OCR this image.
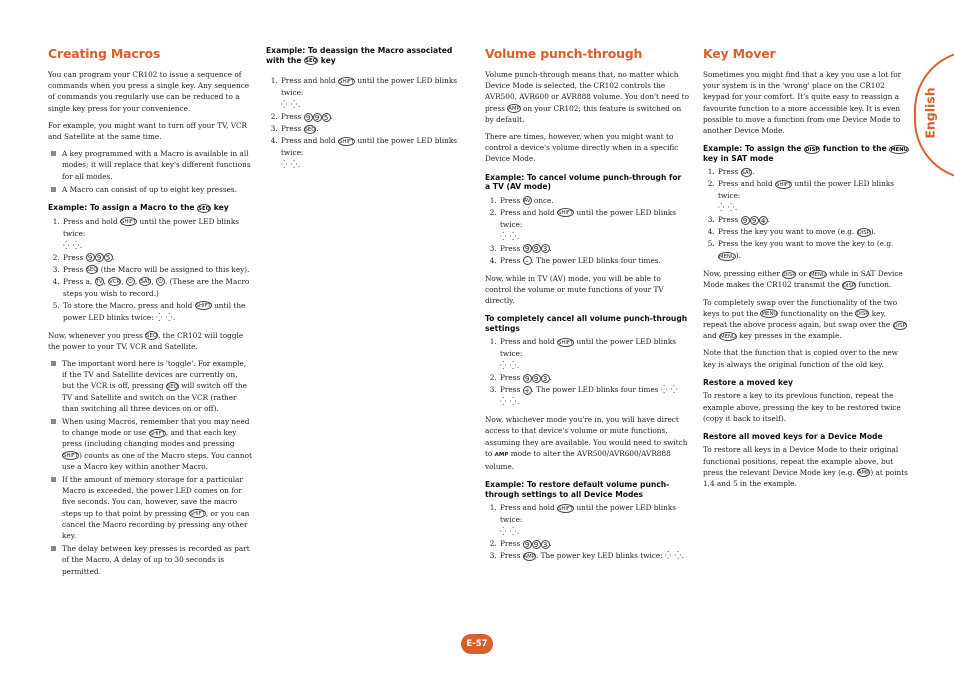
English
Creating Macros

You can program your CR102 to issue a sequence of commands when you press a single key. Any sequence of commands you regularly use can be reduced to a single key press for your convenience.

For example, you might want to turn off your TV, VCR and Satellite at the same time.

A key programmed with a Macro is available in all modes; it will replace that key's different functions for all modes.
A Macro can consist of up to eight key presses.
Example: To assign a Macro to the SEQ key
1. Press and hold SHIFT until the power LED blinks twice:
⁛ ⁛.
2. Press 9 9 5 .
3. Press SEQ (the Macro will be assigned to this key).
4. Press a, TV, VCR, ⏻ , SAT, ⏻ . (These are the Macro steps you wish to record.)
5. To store the Macro, press and hold SHIFT until the power LED blinks twice: ⁛ ⁛.

Now, whenever you press SEQ, the CR102 will toggle the power to your TV, VCR and Satellite.

The important word here is 'toggle'. For example, if the TV and Satellite devices are currently on, but the VCR is off, pressing SEQ will switch off the TV and Satellite and switch on the VCR (rather than switching all three devices on or off).
When using Macros, remember that you may need to change mode or use SHIFT, and that each key press (including changing modes and pressing SHIFT) counts as one of the Macro steps. You cannot use a Macro key within another Macro.
If the amount of memory storage for a particular Macro is exceeded, the power LED comes on for five seconds. You can, however, save the macro steps up to that point by pressing SHIFT, or you can cancel the Macro recording by pressing any other key.
The delay between key presses is recorded as part of the Macro. A delay of up to 30 seconds is permitted.
Example: To deassign the Macro associated with the SEQ key
1. Press and hold SHIFT until the power LED blinks twice:
⁛ ⁛.
2. Press 9 9 5 .
3. Press SEQ.
4. Press and hold SHIFT until the power LED blinks twice:
⁛ ⁛.
Volume punch-through

Volume punch-through means that, no matter which Device Mode is selected, the CR102 controls the AVR500, AVR600 or AVR888 volume. You don't need to press AMP on your CR102; this feature is switched on by default.

There are times, however, when you might want to control a device's volume directly when in a specific Device Mode.

Example: To cancel volume punch-through for a TV (AV mode)
1. Press AV once.
2. Press and hold SHIFT until the power LED blinks twice:
⁛ ⁛.
3. Press 9 9 3 .
4. Press – . The power LED blinks four times.

Now, while in TV (AV) mode, you will be able to control the volume or mute functions of your TV directly.

To completely cancel all volume punch-through settings
1. Press and hold SHIFT until the power LED blinks twice:
⁛ ⁛.
2. Press 9 9 3 .
3. Press + . The power LED blinks four times ⁛ ⁛
⁛ ⁛.

Now, whichever mode you're in, you will have direct access to that device's volume or mute functions, assuming they are available. You would need to switch to AMP mode to alter the AVR500/AVR600/AVR888 volume.

Example: To restore default volume punch-through settings to all Device Modes
1. Press and hold SHIFT until the power LED blinks twice:
⁛ ⁛.
2. Press 9 9 3 .
3. Press AMP. The power key LED blinks twice: ⁛ ⁛.
Key Mover

Sometimes you might find that a key you use a lot for your system is in the 'wrong' place on the CR102 keypad for your comfort. It's quite easy to reassign a favourite function to a more accessible key. It is even possible to move a function from one Device Mode to another Device Mode.

Example: To assign the DISP function to the MENU key in SAT mode
1. Press SAT.
2. Press and hold SHIFT until the power LED blinks twice:
⁛ ⁛.
3. Press 9 9 4 .
4. Press the key you want to move (e.g. DISP).
5. Press the key you want to move the key to (e.g. MENU).

Now, pressing either DISP or MENU while in SAT Device Mode makes the CR102 transmit the DISP function.

To completely swap over the functionality of the two keys to put the MENU functionality on the DISP key, repeat the above process again, but swap over the DISP and MENU key presses in the example.

Note that the function that is copied over to the new key is always the original function of the old key.

Restore a moved key

To restore a key to its previous function, repeat the example above, pressing the key to be restored twice (copy it back to itself).

Restore all moved keys for a Device Mode

To restore all keys in a Device Mode to their original functional positions, repeat the example above, but press the relevant Device Mode key (e.g. AMP) at points 1,4 and 5 in the example.

E-57
